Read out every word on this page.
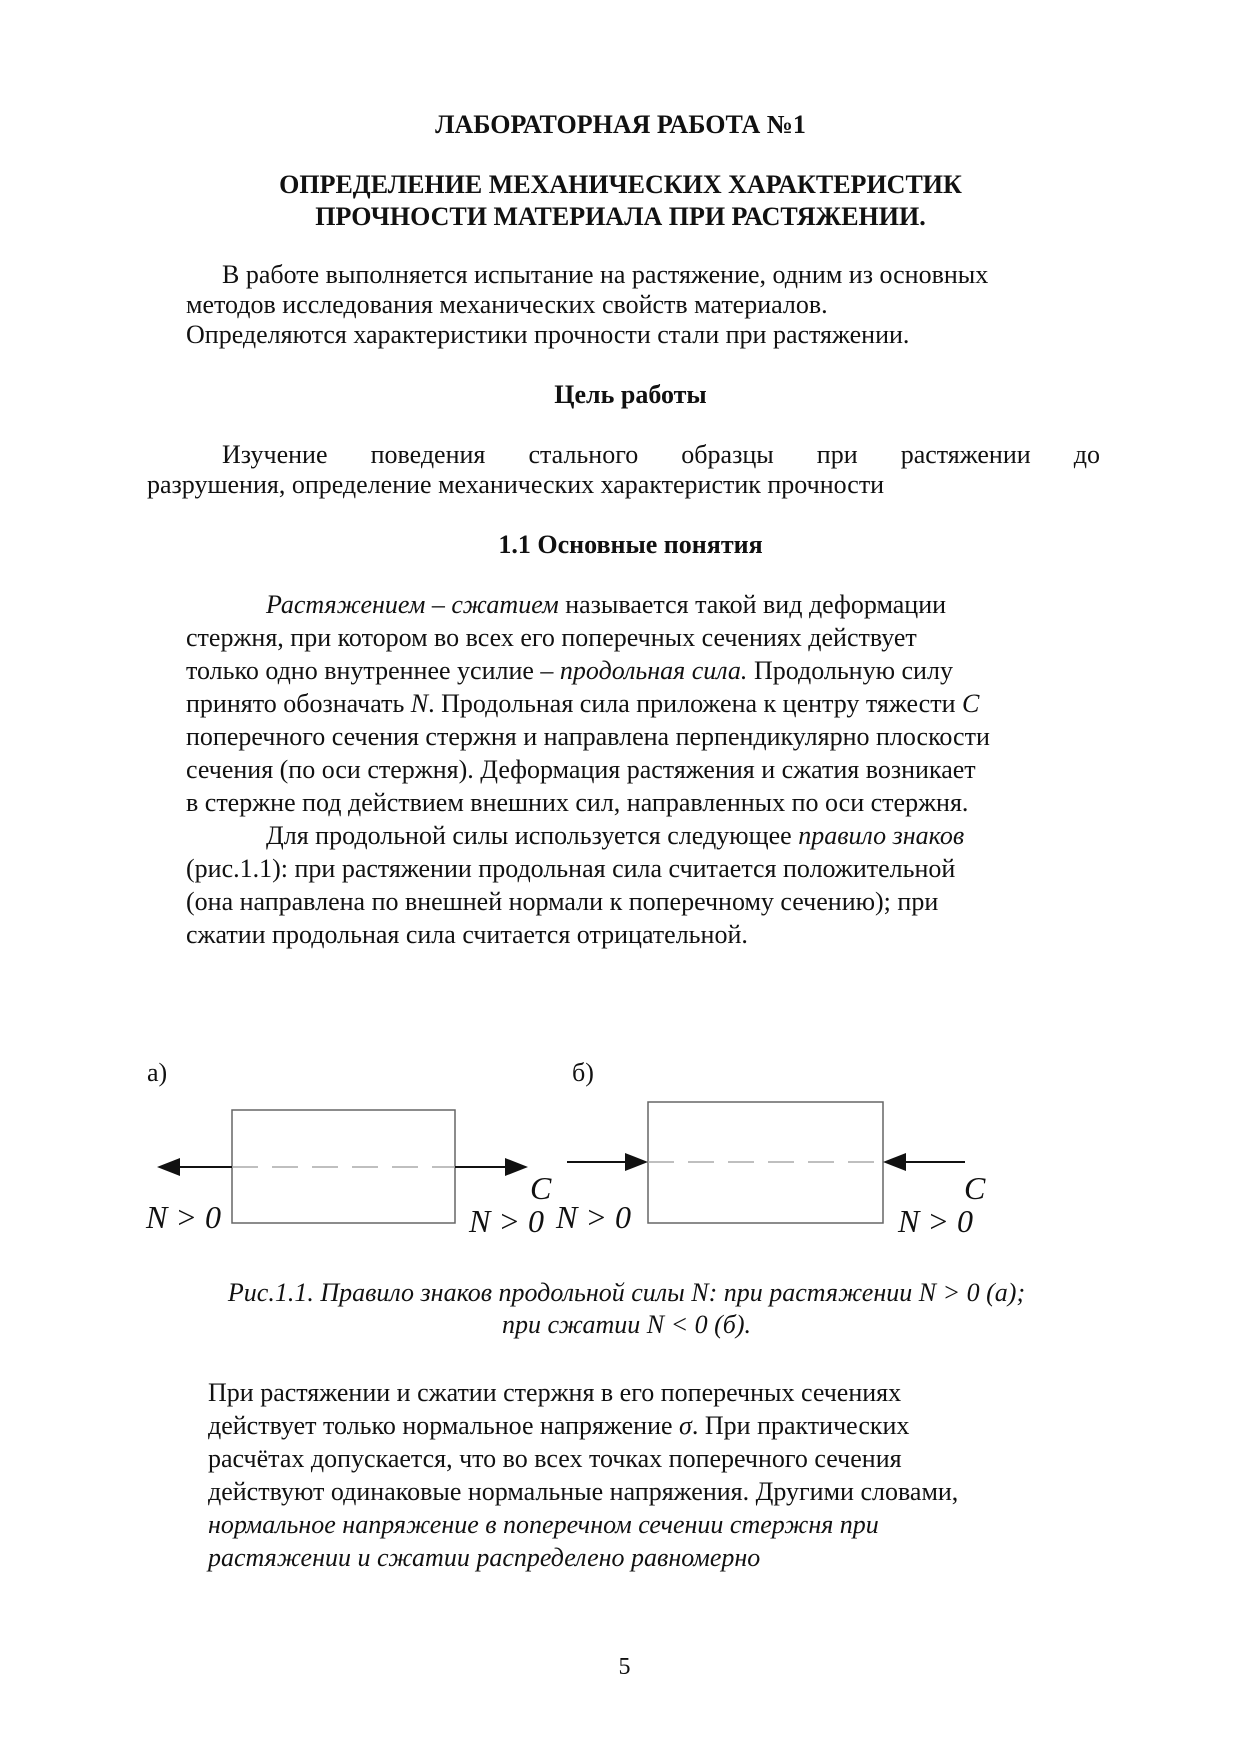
ЛАБОРАТОРНАЯ РАБОТА №1
ОПРЕДЕЛЕНИЕ МЕХАНИЧЕСКИХ ХАРАКТЕРИСТИК
ПРОЧНОСТИ МАТЕРИАЛА ПРИ РАСТЯЖЕНИИ.
В работе выполняется испытание на растяжение, одним из основных
методов исследования механических свойств материалов.
Определяются характеристики прочности стали при растяжении.
Цель работы
Изучение поведения стального образцы при растяжении до
разрушения, определение механических характеристик прочности
1.1 Основные понятия
Растяжением – сжатием называется такой вид деформации
стержня, при котором во всех его поперечных сечениях действует
только одно внутреннее усилие – продольная сила. Продольную силу
принято обозначать N. Продольная сила приложена к центру тяжести C
поперечного сечения стержня и направлена перпендикулярно плоскости
сечения (по оси стержня). Деформация растяжения и сжатия возникает
в стержне под действием внешних сил, направленных по оси стержня.
Для продольной силы используется следующее правило знаков
(рис.1.1): при растяжении продольная сила считается положительной
(она направлена по внешней нормали к поперечному сечению); при
сжатии продольная сила считается отрицательной.
а)	б)
N > 0	N > 0
C
N > 0	N > 0
C
Рис.1.1. Правило знаков продольной силы N: при растяжении N > 0 (а);
при сжатии N < 0 (б).
При растяжении и сжатии стержня в его поперечных сечениях
действует только нормальное напряжение σ. При практических
расчётах допускается, что во всех точках поперечного сечения
действуют одинаковые нормальные напряжения. Другими словами,
нормальное напряжение в поперечном сечении стержня при
растяжении и сжатии распределено равномерно
5
